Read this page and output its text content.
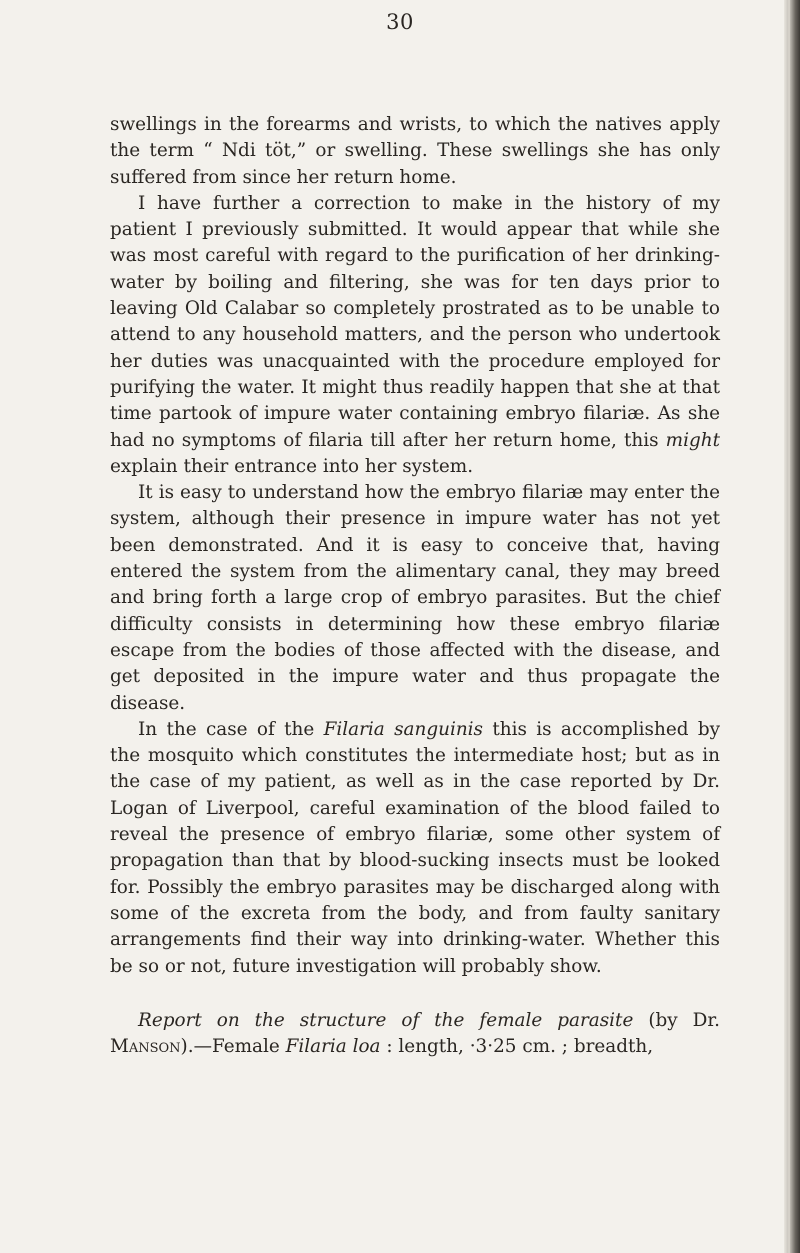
30

swellings in the forearms and wrists, to which the natives apply the term “ Ndi töt,” or swelling. These swellings she has only suffered from since her return home.

I have further a correction to make in the history of my patient I previously submitted. It would appear that while she was most careful with regard to the purification of her drinking-water by boiling and filtering, she was for ten days prior to leaving Old Calabar so completely prostrated as to be unable to attend to any household matters, and the person who undertook her duties was unacquainted with the procedure employed for purifying the water. It might thus readily happen that she at that time partook of impure water containing embryo filariæ. As she had no symptoms of filaria till after her return home, this might explain their entrance into her system.

It is easy to understand how the embryo filariæ may enter the system, although their presence in impure water has not yet been demonstrated. And it is easy to conceive that, having entered the system from the alimentary canal, they may breed and bring forth a large crop of embryo parasites. But the chief difficulty consists in determining how these embryo filariæ escape from the bodies of those affected with the disease, and get deposited in the impure water and thus propagate the disease.

In the case of the Filaria sanguinis this is accomplished by the mosquito which constitutes the intermediate host; but as in the case of my patient, as well as in the case reported by Dr. Logan of Liverpool, careful examination of the blood failed to reveal the presence of embryo filariæ, some other system of propagation than that by blood-sucking insects must be looked for. Possibly the embryo parasites may be discharged along with some of the excreta from the body, and from faulty sanitary arrangements find their way into drinking-water. Whether this be so or not, future investigation will probably show.

Report on the structure of the female parasite (by Dr. Manson).—Female Filaria loa : length, ·3·25 cm. ; breadth,
